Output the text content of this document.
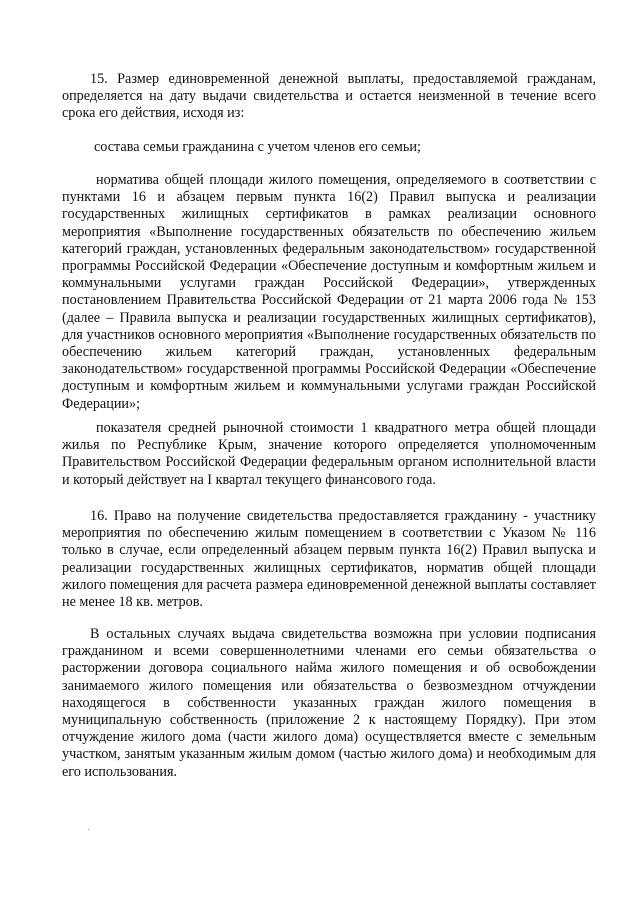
15. Размер единовременной денежной выплаты, предоставляемой гражданам, определяется на дату выдачи свидетельства и остается неизменной в течение всего срока его действия, исходя из:

состава семьи гражданина с учетом членов его семьи;

норматива общей площади жилого помещения, определяемого в соответствии с пунктами 16 и абзацем первым пункта 16(2) Правил выпуска и реализации государственных жилищных сертификатов в рамках реализации основного мероприятия «Выполнение государственных обязательств по обеспечению жильем категорий граждан, установленных федеральным законодательством» государственной программы Российской Федерации «Обеспечение доступным и комфортным жильем и коммунальными услугами граждан Российской Федерации», утвержденных постановлением Правительства Российской Федерации от 21 марта 2006 года № 153 (далее – Правила выпуска и реализации государственных жилищных сертификатов), для участников основного мероприятия «Выполнение государственных обязательств по обеспечению жильем категорий граждан, установленных федеральным законодательством» государственной программы Российской Федерации «Обеспечение доступным и комфортным жильем и коммунальными услугами граждан Российской Федерации»;

показателя средней рыночной стоимости 1 квадратного метра общей площади жилья по Республике Крым, значение которого определяется уполномоченным Правительством Российской Федерации федеральным органом исполнительной власти и который действует на I квартал текущего финансового года.

16. Право на получение свидетельства предоставляется гражданину - участнику мероприятия по обеспечению жилым помещением в соответствии с Указом № 116 только в случае, если определенный абзацем первым пункта 16(2) Правил выпуска и реализации государственных жилищных сертификатов, норматив общей площади жилого помещения для расчета размера единовременной денежной выплаты составляет не менее 18 кв. метров.

В остальных случаях выдача свидетельства возможна при условии подписания гражданином и всеми совершеннолетними членами его семьи обязательства о расторжении договора социального найма жилого помещения и об освобождении занимаемого жилого помещения или обязательства о безвозмездном отчуждении находящегося в собственности указанных граждан жилого помещения в муниципальную собственность (приложение 2 к настоящему Порядку). При этом отчуждение жилого дома (части жилого дома) осуществляется вместе с земельным участком, занятым указанным жилым домом (частью жилого дома) и необходимым для его использования.
